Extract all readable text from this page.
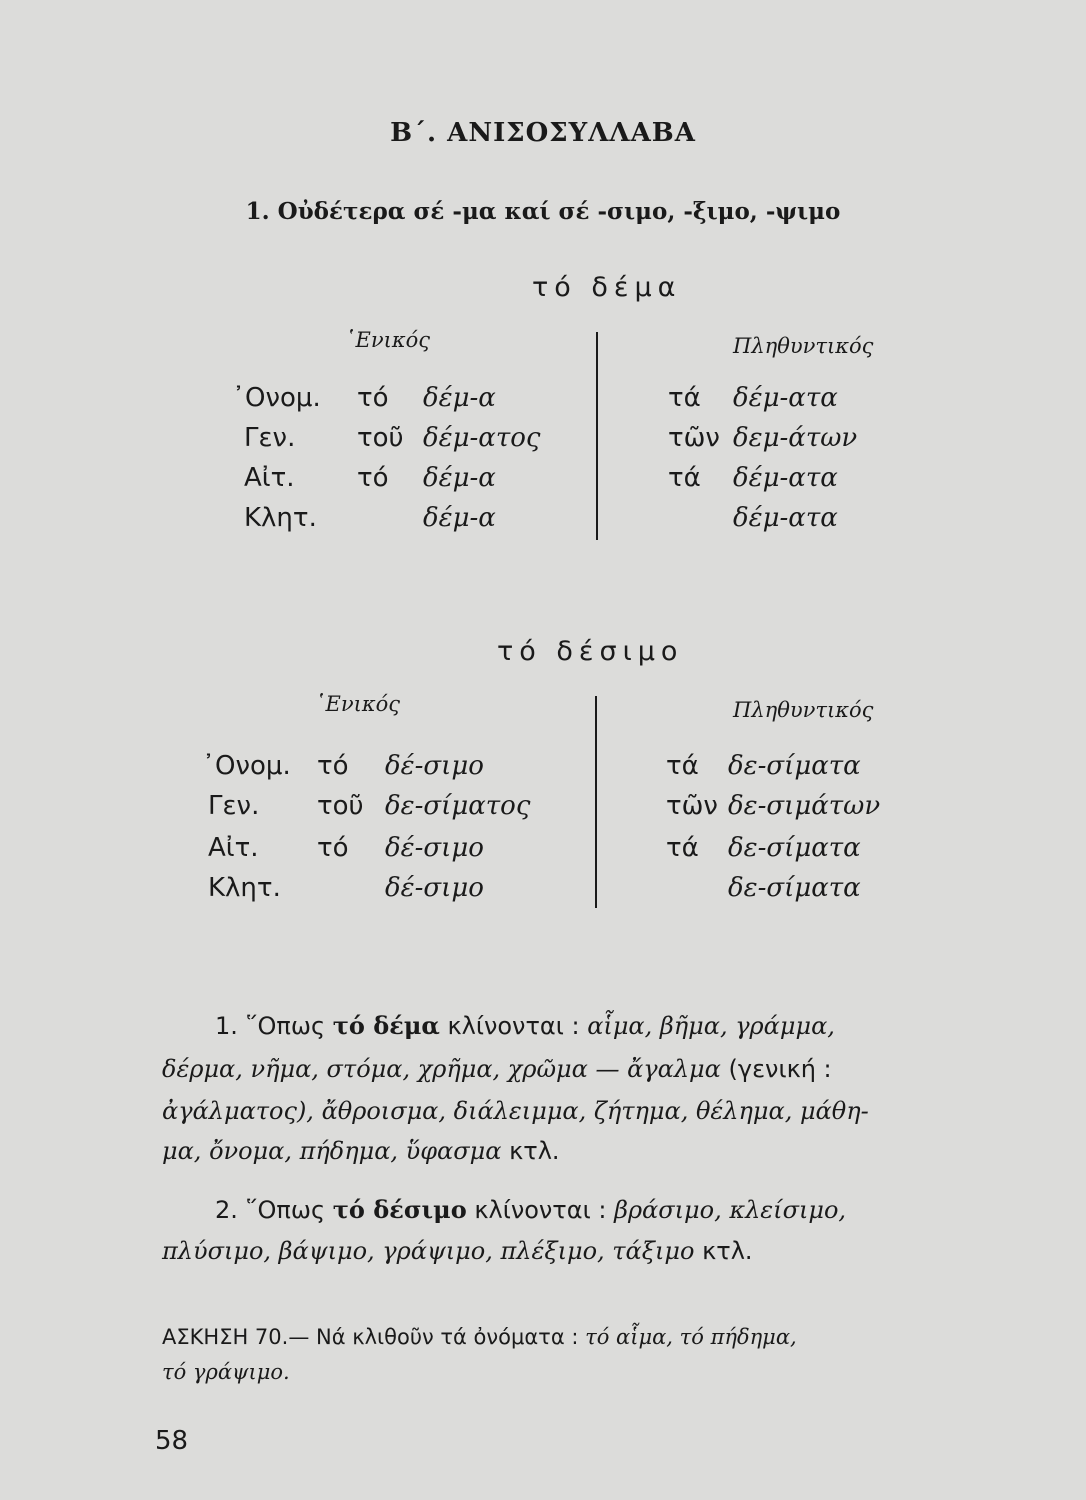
Β΄. ΑΝΙΣΟΣΥΛΛΑΒΑ
1. Οὐδέτερα σέ -μα καί σέ -σιμο, -ξιμο, -ψιμο
τό δέμα
῾Ενικός	Πληθυντικός
᾿Ονομ. τό δέμ-α	τά δέμ-ατα
Γεν. τοῦ δέμ-ατος	τῶν δεμ-άτων
Αἰτ. τό δέμ-α	τά δέμ-ατα
Κλητ.	δέμ-α	δέμ-ατα
τό δέσιμο
῾Ενικός	Πληθυντικός
᾿Ονομ. τό δέ-σιμο	τά δε-σίματα
Γεν. τοῦ δε-σίματος	τῶν δε-σιμάτων
Αἰτ. τό δέ-σιμο	τά δε-σίματα
Κλητ.	δέ-σιμο	δε-σίματα
1. ῞Οπως τό δέμα κλίνονται : αἷμα, βῆμα, γράμμα,
δέρμα, νῆμα, στόμα, χρῆμα, χρῶμα — ἄγαλμα (γενική :
ἀγάλματος), ἄθροισμα, διάλειμμα, ζήτημα, θέλημα, μάθη-
μα, ὄνομα, πήδημα, ὕφασμα κτλ.
2. ῞Οπως τό δέσιμο κλίνονται : βράσιμο, κλείσιμο,
πλύσιμο, βάψιμο, γράψιμο, πλέξιμο, τάξιμο κτλ.
ΑΣΚΗΣΗ 70.— Νά κλιθοῦν τά ὀνόματα : τό αἷμα, τό πήδημα,
τό γράψιμο.
58
